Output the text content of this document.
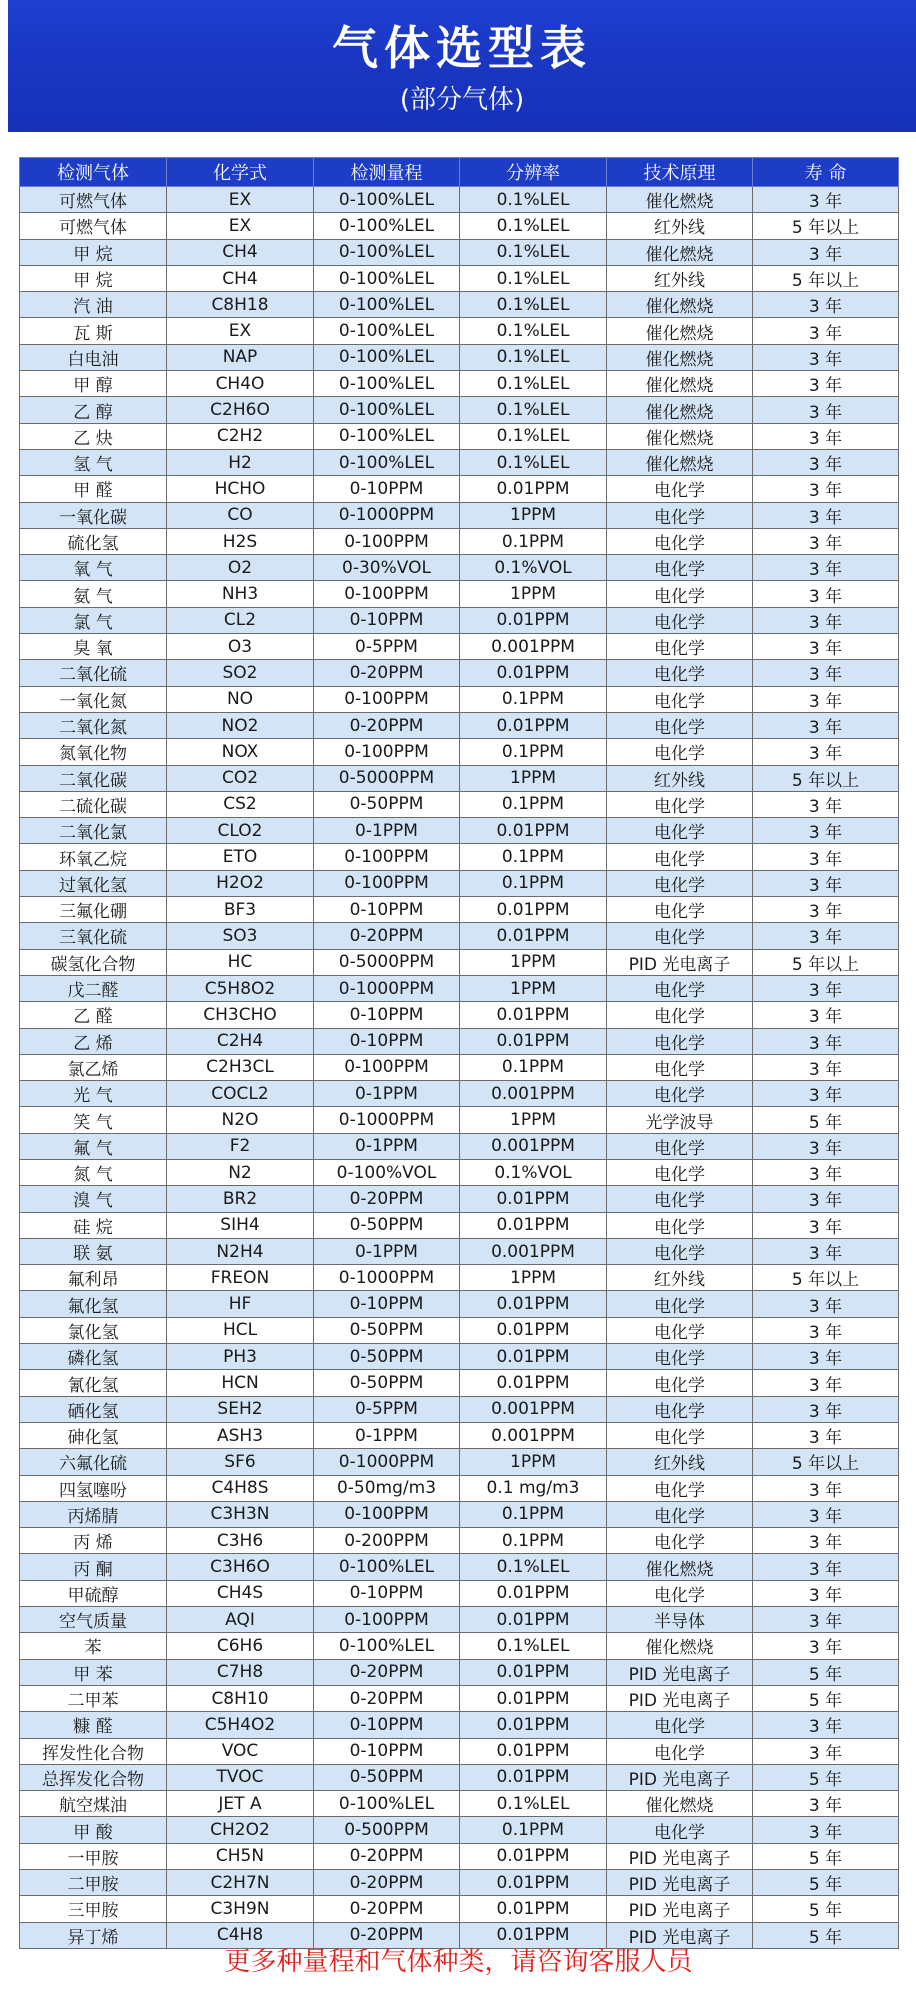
气体选型表
(部分气体)
检测气体	化学式	检测量程	分辨率	技术原理	寿 命
可燃气体	EX	0-100%LEL	0.1%LEL	催化燃烧	3 年
可燃气体	EX	0-100%LEL	0.1%LEL	红外线	5 年以上
甲 烷	CH4	0-100%LEL	0.1%LEL	催化燃烧	3 年
甲 烷	CH4	0-100%LEL	0.1%LEL	红外线	5 年以上
汽 油	C8H18	0-100%LEL	0.1%LEL	催化燃烧	3 年
瓦 斯	EX	0-100%LEL	0.1%LEL	催化燃烧	3 年
白电油	NAP	0-100%LEL	0.1%LEL	催化燃烧	3 年
甲 醇	CH4O	0-100%LEL	0.1%LEL	催化燃烧	3 年
乙 醇	C2H6O	0-100%LEL	0.1%LEL	催化燃烧	3 年
乙 炔	C2H2	0-100%LEL	0.1%LEL	催化燃烧	3 年
氢 气	H2	0-100%LEL	0.1%LEL	催化燃烧	3 年
甲 醛	HCHO	0-10PPM	0.01PPM	电化学	3 年
一氧化碳	CO	0-1000PPM	1PPM	电化学	3 年
硫化氢	H2S	0-100PPM	0.1PPM	电化学	3 年
氧 气	O2	0-30%VOL	0.1%VOL	电化学	3 年
氨 气	NH3	0-100PPM	1PPM	电化学	3 年
氯 气	CL2	0-10PPM	0.01PPM	电化学	3 年
臭 氧	O3	0-5PPM	0.001PPM	电化学	3 年
二氧化硫	SO2	0-20PPM	0.01PPM	电化学	3 年
一氧化氮	NO	0-100PPM	0.1PPM	电化学	3 年
二氧化氮	NO2	0-20PPM	0.01PPM	电化学	3 年
氮氧化物	NOX	0-100PPM	0.1PPM	电化学	3 年
二氧化碳	CO2	0-5000PPM	1PPM	红外线	5 年以上
二硫化碳	CS2	0-50PPM	0.1PPM	电化学	3 年
二氧化氯	CLO2	0-1PPM	0.01PPM	电化学	3 年
环氧乙烷	ETO	0-100PPM	0.1PPM	电化学	3 年
过氧化氢	H2O2	0-100PPM	0.1PPM	电化学	3 年
三氟化硼	BF3	0-10PPM	0.01PPM	电化学	3 年
三氧化硫	SO3	0-20PPM	0.01PPM	电化学	3 年
碳氢化合物	HC	0-5000PPM	1PPM	PID 光电离子	5 年以上
戊二醛	C5H8O2	0-1000PPM	1PPM	电化学	3 年
乙 醛	CH3CHO	0-10PPM	0.01PPM	电化学	3 年
乙 烯	C2H4	0-10PPM	0.01PPM	电化学	3 年
氯乙烯	C2H3CL	0-100PPM	0.1PPM	电化学	3 年
光 气	COCL2	0-1PPM	0.001PPM	电化学	3 年
笑 气	N2O	0-1000PPM	1PPM	光学波导	5 年
氟 气	F2	0-1PPM	0.001PPM	电化学	3 年
氮 气	N2	0-100%VOL	0.1%VOL	电化学	3 年
溴 气	BR2	0-20PPM	0.01PPM	电化学	3 年
硅 烷	SIH4	0-50PPM	0.01PPM	电化学	3 年
联 氨	N2H4	0-1PPM	0.001PPM	电化学	3 年
氟利昂	FREON	0-1000PPM	1PPM	红外线	5 年以上
氟化氢	HF	0-10PPM	0.01PPM	电化学	3 年
氯化氢	HCL	0-50PPM	0.01PPM	电化学	3 年
磷化氢	PH3	0-50PPM	0.01PPM	电化学	3 年
氰化氢	HCN	0-50PPM	0.01PPM	电化学	3 年
硒化氢	SEH2	0-5PPM	0.001PPM	电化学	3 年
砷化氢	ASH3	0-1PPM	0.001PPM	电化学	3 年
六氟化硫	SF6	0-1000PPM	1PPM	红外线	5 年以上
四氢噻吩	C4H8S	0-50mg/m3	0.1 mg/m3	电化学	3 年
丙烯腈	C3H3N	0-100PPM	0.1PPM	电化学	3 年
丙 烯	C3H6	0-200PPM	0.1PPM	电化学	3 年
丙 酮	C3H6O	0-100%LEL	0.1%LEL	催化燃烧	3 年
甲硫醇	CH4S	0-10PPM	0.01PPM	电化学	3 年
空气质量	AQI	0-100PPM	0.01PPM	半导体	3 年
苯	C6H6	0-100%LEL	0.1%LEL	催化燃烧	3 年
甲 苯	C7H8	0-20PPM	0.01PPM	PID 光电离子	5 年
二甲苯	C8H10	0-20PPM	0.01PPM	PID 光电离子	5 年
糠 醛	C5H4O2	0-10PPM	0.01PPM	电化学	3 年
挥发性化合物	VOC	0-10PPM	0.01PPM	电化学	3 年
总挥发化合物	TVOC	0-50PPM	0.01PPM	PID 光电离子	5 年
航空煤油	JET A	0-100%LEL	0.1%LEL	催化燃烧	3 年
甲 酸	CH2O2	0-500PPM	0.1PPM	电化学	3 年
一甲胺	CH5N	0-20PPM	0.01PPM	PID 光电离子	5 年
二甲胺	C2H7N	0-20PPM	0.01PPM	PID 光电离子	5 年
三甲胺	C3H9N	0-20PPM	0.01PPM	PID 光电离子	5 年
异丁烯	C4H8	0-20PPM	0.01PPM	PID 光电离子	5 年
更多种量程和气体种类，请咨询客服人员
